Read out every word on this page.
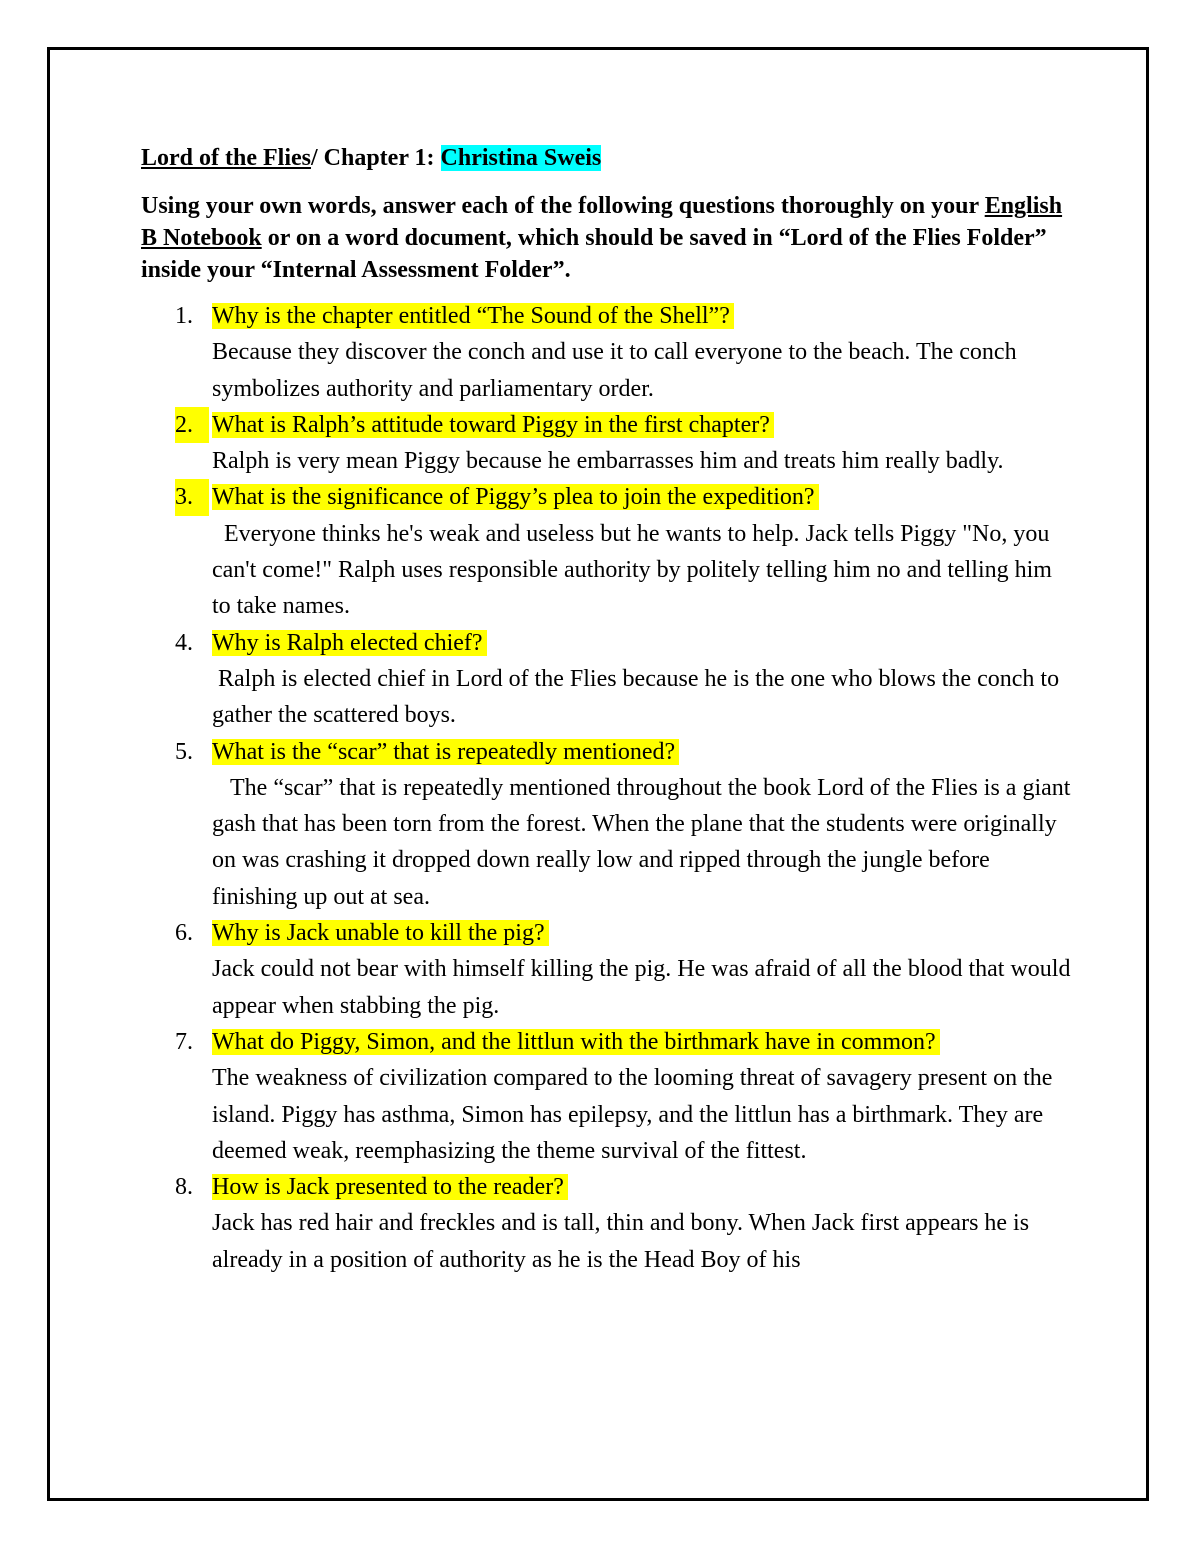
Lord of the Flies/ Chapter 1: Christina Sweis
Using your own words, answer each of the following questions thoroughly on your English B Notebook or on a word document, which should be saved in “Lord of the Flies Folder” inside your “Internal Assessment Folder”.
1. Why is the chapter entitled “The Sound of the Shell”?
Because they discover the conch and use it to call everyone to the beach. The conch symbolizes authority and parliamentary order.
2. What is Ralph’s attitude toward Piggy in the first chapter?
Ralph is very mean Piggy because he embarrasses him and treats him really badly.
3. What is the significance of Piggy’s plea to join the expedition?
Everyone thinks he's weak and useless but he wants to help. Jack tells Piggy "No, you can't come!" Ralph uses responsible authority by politely telling him no and telling him to take names.
4. Why is Ralph elected chief?
Ralph is elected chief in Lord of the Flies because he is the one who blows the conch to gather the scattered boys.
5. What is the “scar” that is repeatedly mentioned?
The “scar” that is repeatedly mentioned throughout the book Lord of the Flies is a giant gash that has been torn from the forest. When the plane that the students were originally on was crashing it dropped down really low and ripped through the jungle before finishing up out at sea.
6. Why is Jack unable to kill the pig?
Jack could not bear with himself killing the pig. He was afraid of all the blood that would appear when stabbing the pig.
7. What do Piggy, Simon, and the littlun with the birthmark have in common?
The weakness of civilization compared to the looming threat of savagery present on the island. Piggy has asthma, Simon has epilepsy, and the littlun has a birthmark. They are deemed weak, reemphasizing the theme survival of the fittest.
8. How is Jack presented to the reader?
Jack has red hair and freckles and is tall, thin and bony. When Jack first appears he is already in a position of authority as he is the Head Boy of his
